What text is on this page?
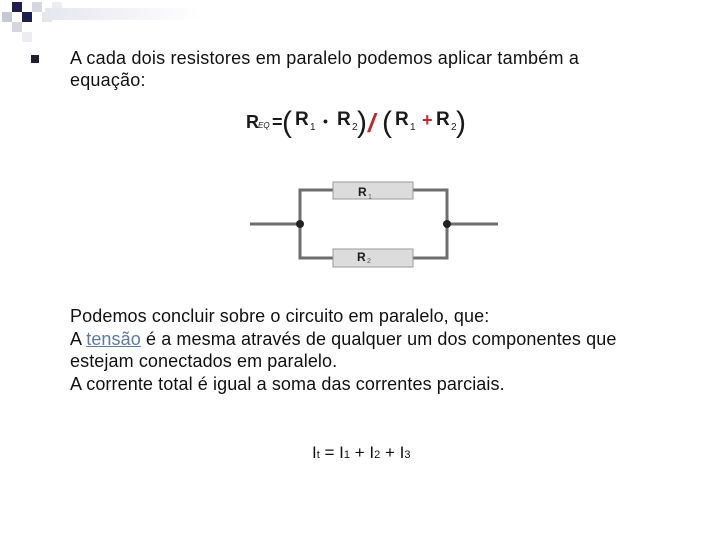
A cada dois resistores em paralelo podemos aplicar também a
equação:
R EQ = ( R 1 • R 2 ) / ( R 1 + R 2 )
R 1
R 2
Podemos concluir sobre o circuito em paralelo, que:
A tensão é a mesma através de qualquer um dos componentes que
estejam conectados em paralelo.
A corrente total é igual a soma das correntes parciais.
It = I1 + I2 + I3
